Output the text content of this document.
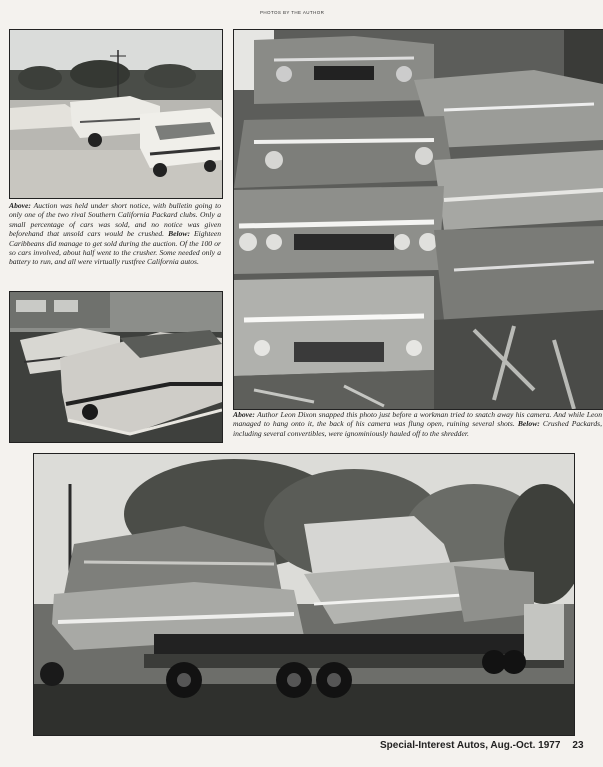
PHOTOS BY THE AUTHOR

Above: Auction was held under short notice, with bulletin going to only one of the two rival Southern California Packard clubs. Only a small percentage of cars was sold, and no notice was given beforehand that unsold cars would be crushed. Below: Eighteen Caribbeans did manage to get sold during the auction. Of the 100 or so cars involved, about half went to the crusher. Some needed only a battery to run, and all were virtually rustfree California autos.

Above: Author Leon Dixon snapped this photo just before a workman tried to snatch away his camera. And while Leon managed to hang onto it, the back of his camera was flung open, ruining several shots. Below: Crushed Packards, including several convertibles, were ignominiously hauled off to the shredder.

Special-Interest Autos, Aug.-Oct. 1977 23
